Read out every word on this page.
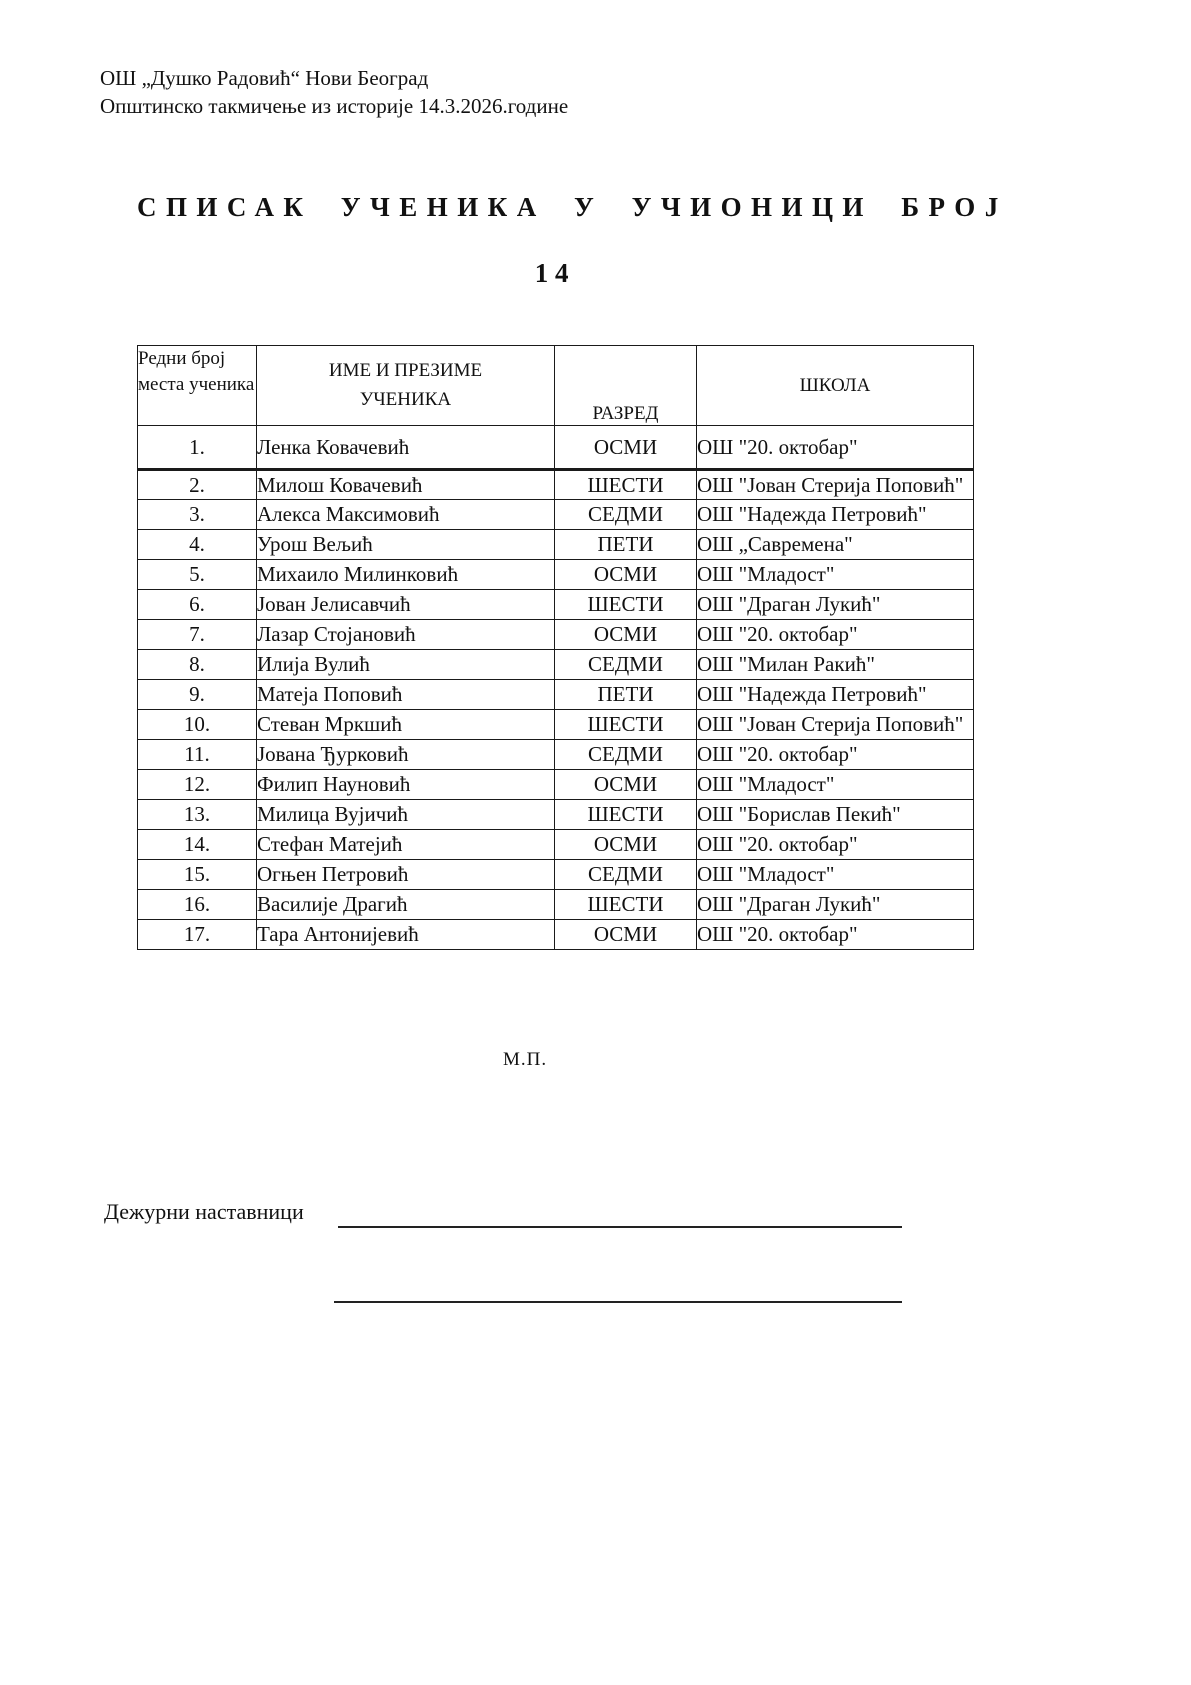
ОШ „Душко Радовић“ Нови Београд
Општинско такмичење из историје 14.3.2026.године
СПИСАК УЧЕНИКА У УЧИОНИЦИ БРОЈ
14
Редни број места ученика	ИМЕ И ПРЕЗИМЕ УЧЕНИКА	РАЗРЕД	ШКОЛА
1.	Ленка Ковачевић	ОСМИ	ОШ "20. октобар"
2.	Милош Ковачевић	ШЕСТИ	ОШ "Јован Стерија Поповић"
3.	Алекса Максимовић	СЕДМИ	ОШ "Надежда Петровић"
4.	Урош Вељић	ПЕТИ	ОШ „Савремена"
5.	Михаило Милинковић	ОСМИ	ОШ "Младост"
6.	Јован Јелисавчић	ШЕСТИ	ОШ "Драган Лукић"
7.	Лазар Стојановић	ОСМИ	ОШ "20. октобар"
8.	Илија Вулић	СЕДМИ	ОШ "Милан Ракић"
9.	Матеја Поповић	ПЕТИ	ОШ "Надежда Петровић"
10.	Стеван Мркшић	ШЕСТИ	ОШ "Јован Стерија Поповић"
11.	Јована Ђурковић	СЕДМИ	ОШ "20. октобар"
12.	Филип Науновић	ОСМИ	ОШ "Младост"
13.	Милица Вујичић	ШЕСТИ	ОШ "Борислав Пекић"
14.	Стефан Матејић	ОСМИ	ОШ "20. октобар"
15.	Огњен Петровић	СЕДМИ	ОШ "Младост"
16.	Василије Драгић	ШЕСТИ	ОШ "Драган Лукић"
17.	Тара Антонијевић	ОСМИ	ОШ "20. октобар"
М.П.
Дежурни наставници
